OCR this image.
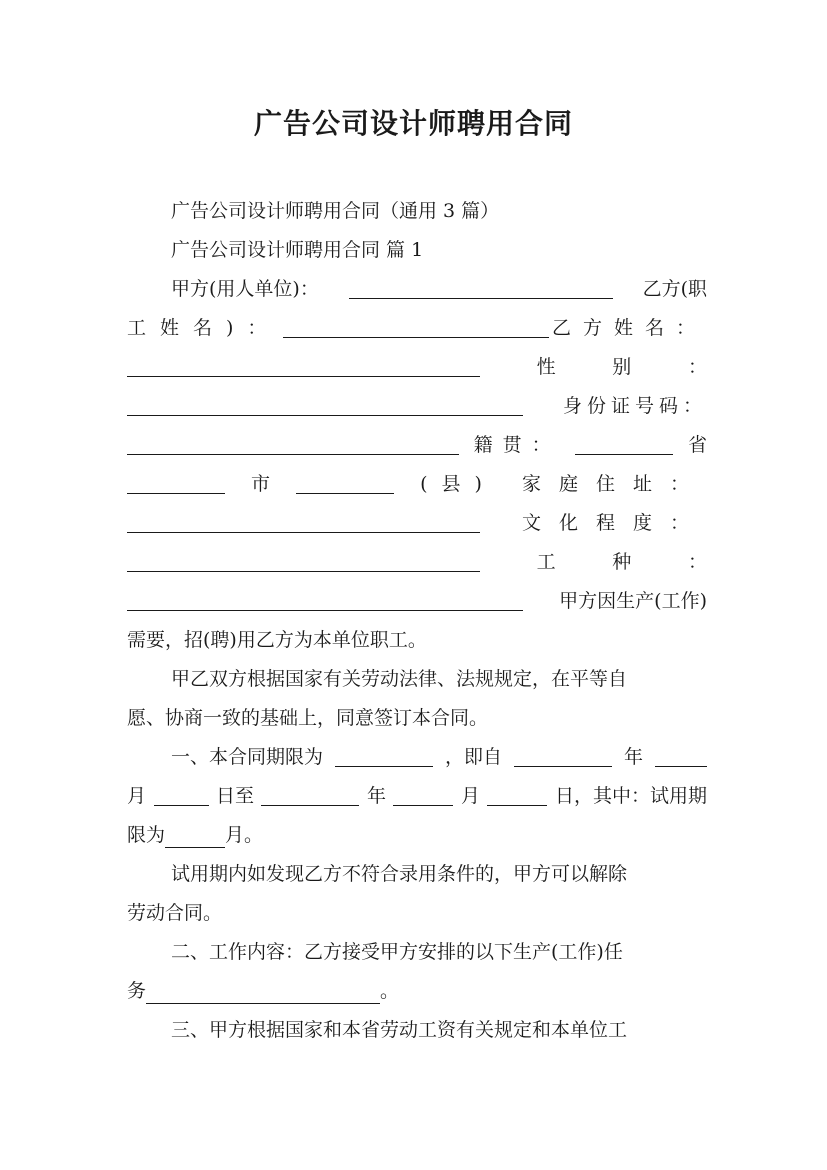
广告公司设计师聘用合同
广告公司设计师聘用合同（通用 3 篇）
广告公司设计师聘用合同 篇 1
甲方(用人单位)：	乙方(职
工姓名)：	乙方姓名：
性	别	：
身份证号码：
籍贯：	省
市	(县) 家庭住址：
文化程度：
工	种	：
甲方因生产(工作)
需要，招(聘)用乙方为本单位职工。
甲乙双方根据国家有关劳动法律、法规规定，在平等自
愿、协商一致的基础上，同意签订本合同。
一、本合同期限为	，即自	年
月	日至	年	月	日，其中：试用期
限为	月。
试用期内如发现乙方不符合录用条件的，甲方可以解除
劳动合同。
二、工作内容：乙方接受甲方安排的以下生产(工作)任
务	。
三、甲方根据国家和本省劳动工资有关规定和本单位工
